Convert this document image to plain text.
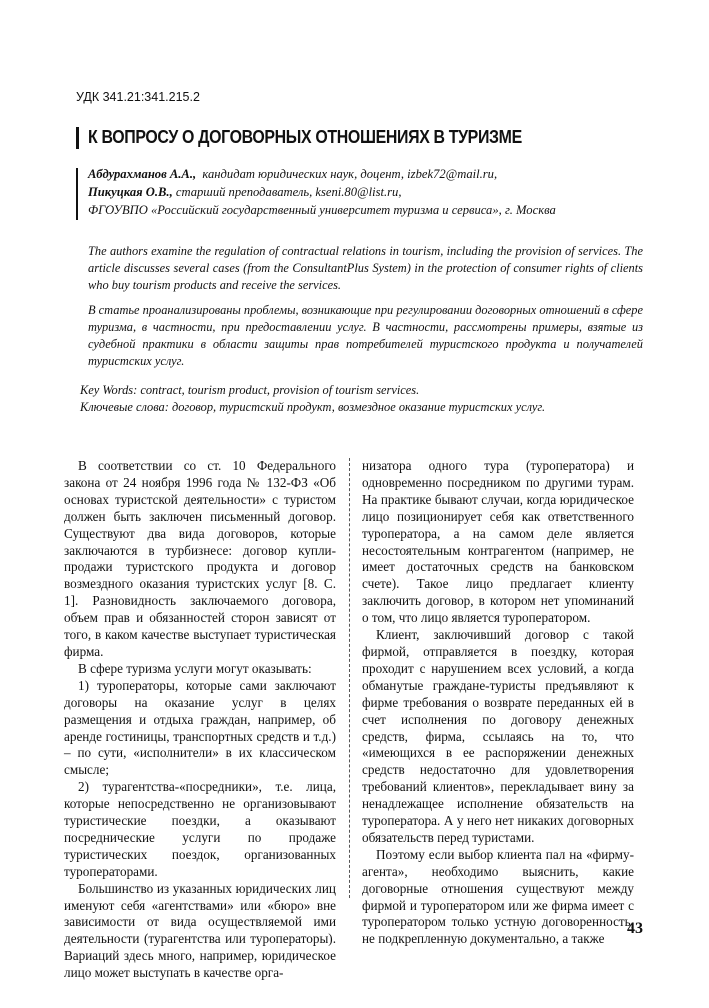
УДК 341.21:341.215.2
К ВОПРОСУ О ДОГОВОРНЫХ ОТНОШЕНИЯХ В ТУРИЗМЕ
Абдурахманов А.А., кандидат юридических наук, доцент, izbek72@mail.ru,
Пикуцкая О.В., старший преподаватель, kseni.80@list.ru,
ФГОУВПО «Российский государственный университет туризма и сервиса», г. Москва
The authors examine the regulation of contractual relations in tourism, including the provision of services. The article discusses several cases (from the ConsultantPlus System) in the protection of consumer rights of clients who buy tourism products and receive the services.
В статье проанализированы проблемы, возникающие при регулировании договорных отношений в сфере туризма, в частности, при предоставлении услуг. В частности, рассмотрены примеры, взятые из судебной практики в области защиты прав потребителей туристского продукта и получателей туристских услуг.
Key Words: contract, tourism product, provision of tourism services.
Ключевые слова: договор, туристский продукт, возмездное оказание туристских услуг.

В соответствии со ст. 10 Федерального закона от 24 ноября 1996 года № 132-ФЗ «Об основах туристской деятельности» с туристом должен быть заключен письменный договор. Существуют два вида договоров, которые заключаются в турбизнесе: договор купли-продажи туристского продукта и договор возмездного оказания туристских услуг [8. С. 1]. Разновидность заключаемого договора, объем прав и обязанностей сторон зависят от того, в каком качестве выступает туристическая фирма.

В сфере туризма услуги могут оказывать:

1) туроператоры, которые сами заключают договоры на оказание услуг в целях размещения и отдыха граждан, например, об аренде гостиницы, транспортных средств и т.д.) – по сути, «исполнители» в их классическом смысле;

2) турагентства-«посредники», т.е. лица, которые непосредственно не организовывают туристические поездки, а оказывают посреднические услуги по продаже туристических поездок, организованных туроператорами.

Большинство из указанных юридических лиц именуют себя «агентствами» или «бюро» вне зависимости от вида осуществляемой ими деятельности (турагентства или туроператоры). Вариаций здесь много, например, юридическое лицо может выступать в качестве орга-

низатора одного тура (туроператора) и одновременно посредником по другими турам. На практике бывают случаи, когда юридическое лицо позиционирует себя как ответственного туроператора, а на самом деле является несостоятельным контрагентом (например, не имеет достаточных средств на банковском счете). Такое лицо предлагает клиенту заключить договор, в котором нет упоминаний о том, что лицо является туроператором.

Клиент, заключивший договор с такой фирмой, отправляется в поездку, которая проходит с нарушением всех условий, а когда обманутые граждане-туристы предъявляют к фирме требования о возврате переданных ей в счет исполнения по договору денежных средств, фирма, ссылаясь на то, что «имеющихся в ее распоряжении денежных средств недостаточно для удовлетворения требований клиентов», перекладывает вину за ненадлежащее исполнение обязательств на туроператора. А у него нет никаких договорных обязательств перед туристами.

Поэтому если выбор клиента пал на «фирму-агента», необходимо выяснить, какие договорные отношения существуют между фирмой и туроператором или же фирма имеет с туроператором только устную договоренность, не подкрепленную документально, а также

43
